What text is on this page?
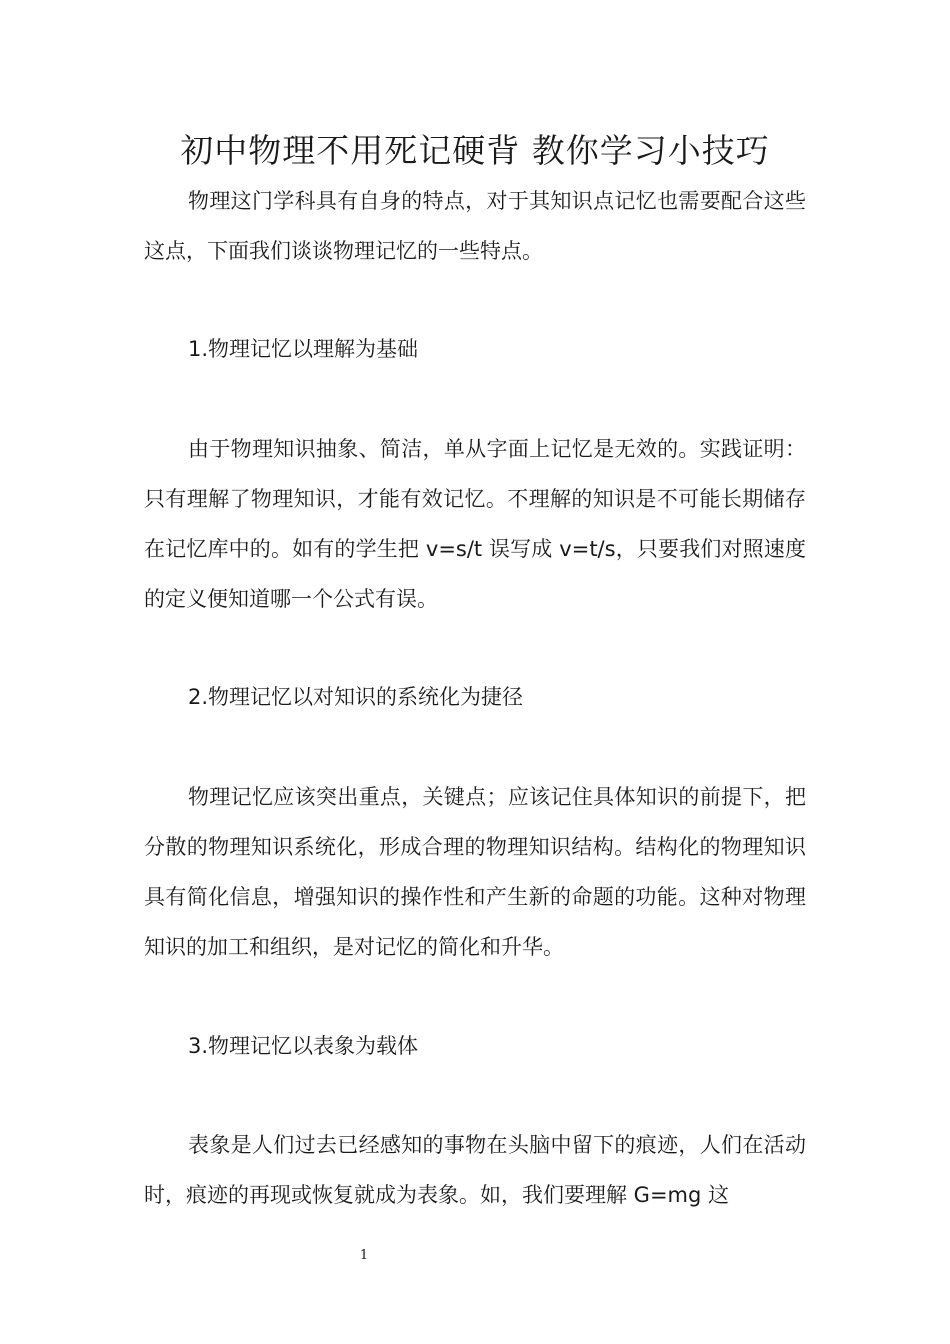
初中物理不用死记硬背 教你学习小技巧

物理这门学科具有自身的特点，对于其知识点记忆也需要配合这些这点，下面我们谈谈物理记忆的一些特点。

1.物理记忆以理解为基础

由于物理知识抽象、简洁，单从字面上记忆是无效的。实践证明：只有理解了物理知识，才能有效记忆。不理解的知识是不可能长期储存在记忆库中的。如有的学生把 v=s/t 误写成 v=t/s，只要我们对照速度的定义便知道哪一个公式有误。

2.物理记忆以对知识的系统化为捷径

物理记忆应该突出重点，关键点；应该记住具体知识的前提下，把分散的物理知识系统化，形成合理的物理知识结构。结构化的物理知识具有简化信息，增强知识的操作性和产生新的命题的功能。这种对物理知识的加工和组织，是对记忆的简化和升华。

3.物理记忆以表象为载体

表象是人们过去已经感知的事物在头脑中留下的痕迹，人们在活动时，痕迹的再现或恢复就成为表象。如，我们要理解 G=mg 这

1
